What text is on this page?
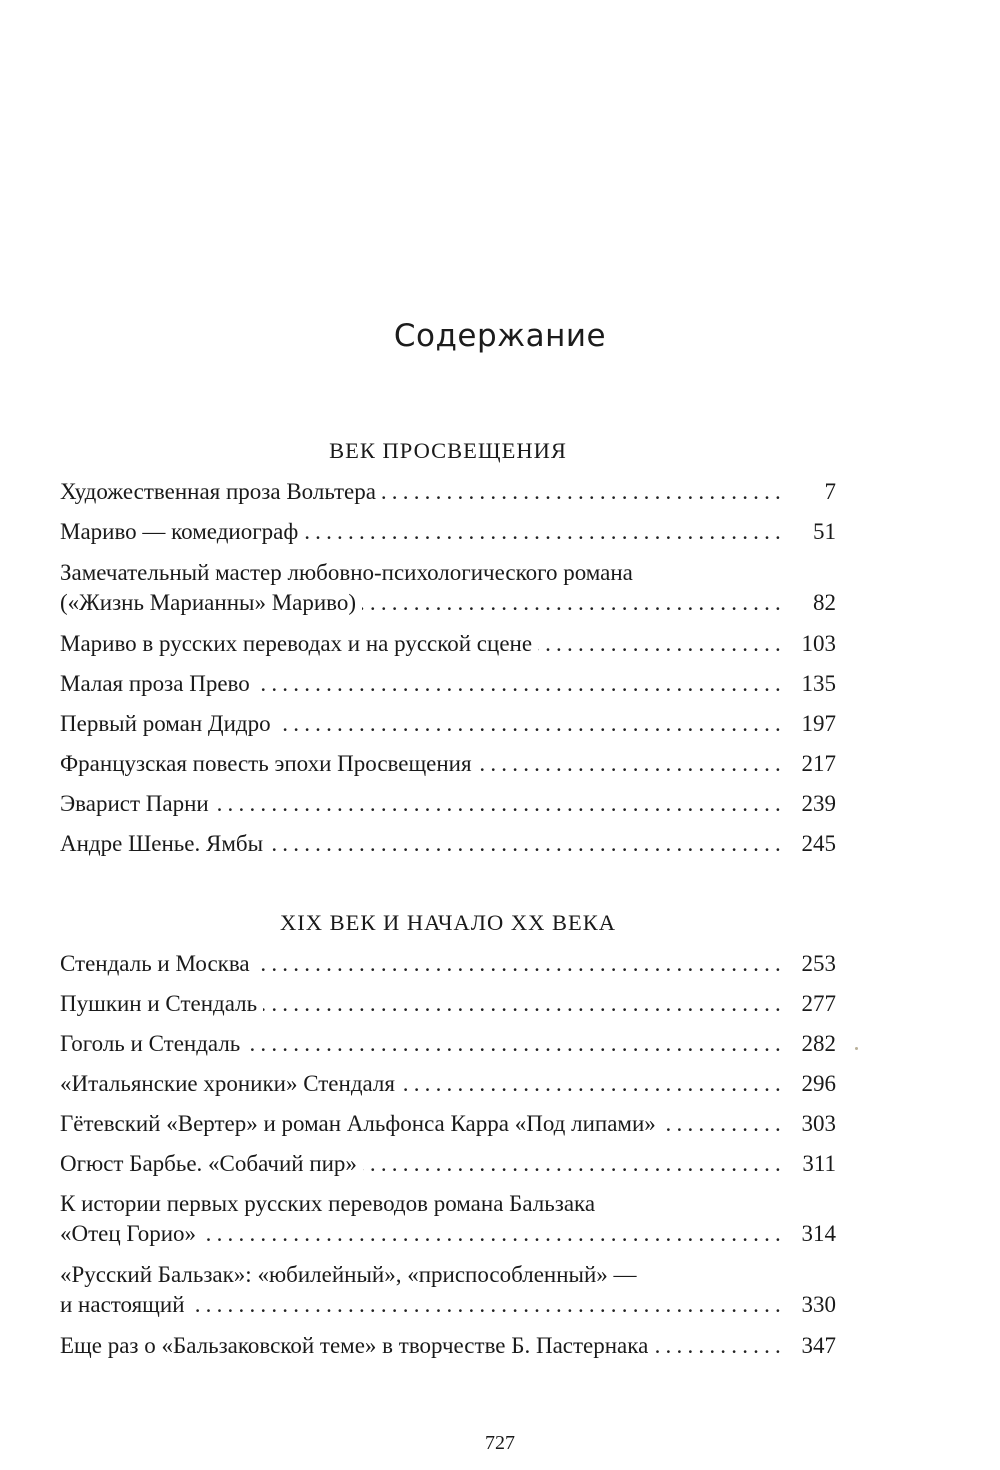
Содержание
ВЕК ПРОСВЕЩЕНИЯ
Художественная проза Вольтера .....	7
Мариво — комедиограф .....	51
Замечательный мастер любовно-психологического романа
(«Жизнь Марианны» Мариво) .....	82
Мариво в русских переводах и на русской сцене .....	103
Малая проза Прево .....	135
Первый роман Дидро .....	197
Французская повесть эпохи Просвещения .....	217
Эварист Парни .....	239
Андре Шенье. Ямбы .....	245
XIX ВЕК И НАЧАЛО XX ВЕКА
Стендаль и Москва .....	253
Пушкин и Стендаль .....	277
Гоголь и Стендаль .....	282
«Итальянские хроники» Стендаля .....	296
Гётевский «Вертер» и роман Альфонса Карра «Под липами» .....	303
Огюст Барбье. «Собачий пир» .....	311
К истории первых русских переводов романа Бальзака
«Отец Горио» .....	314
«Русский Бальзак»: «юбилейный», «приспособленный» —
и настоящий .....	330
Еще раз о «Бальзаковской теме» в творчестве Б. Пастернака .....	347
727
